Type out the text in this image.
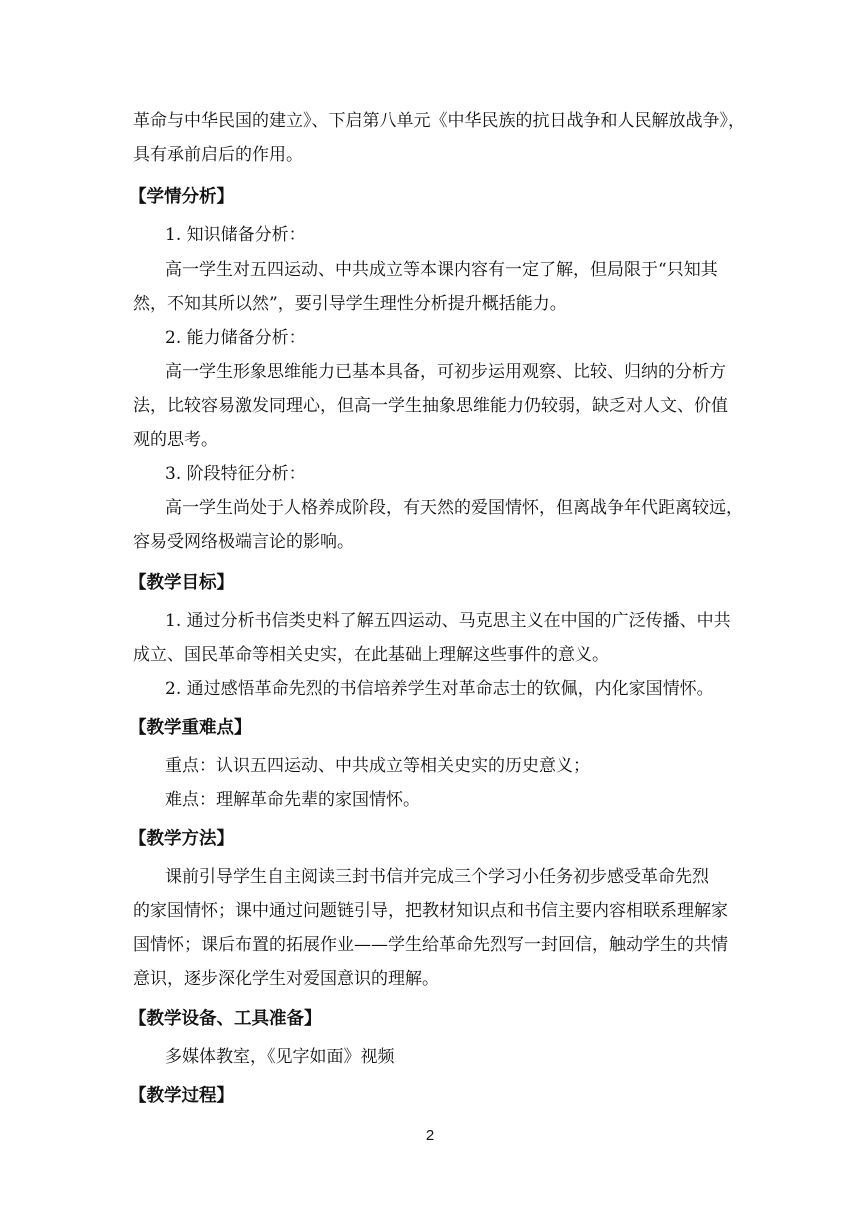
革命与中华民国的建立》、下启第八单元《中华民族的抗日战争和人民解放战争》，
具有承前启后的作用。
【学情分析】
1. 知识储备分析：
高一学生对五四运动、中共成立等本课内容有一定了解，但局限于“只知其
然，不知其所以然”，要引导学生理性分析提升概括能力。
2. 能力储备分析：
高一学生形象思维能力已基本具备，可初步运用观察、比较、归纳的分析方
法，比较容易激发同理心，但高一学生抽象思维能力仍较弱，缺乏对人文、价值
观的思考。
3. 阶段特征分析：
高一学生尚处于人格养成阶段，有天然的爱国情怀，但离战争年代距离较远，
容易受网络极端言论的影响。
【教学目标】
1. 通过分析书信类史料了解五四运动、马克思主义在中国的广泛传播、中共
成立、国民革命等相关史实，在此基础上理解这些事件的意义。
2. 通过感悟革命先烈的书信培养学生对革命志士的钦佩，内化家国情怀。
【教学重难点】
重点：认识五四运动、中共成立等相关史实的历史意义；
难点：理解革命先辈的家国情怀。
【教学方法】
课前引导学生自主阅读三封书信并完成三个学习小任务初步感受革命先烈
的家国情怀；课中通过问题链引导，把教材知识点和书信主要内容相联系理解家
国情怀；课后布置的拓展作业——学生给革命先烈写一封回信，触动学生的共情
意识，逐步深化学生对爱国意识的理解。
【教学设备、工具准备】
多媒体教室，《见字如面》视频
【教学过程】
2
